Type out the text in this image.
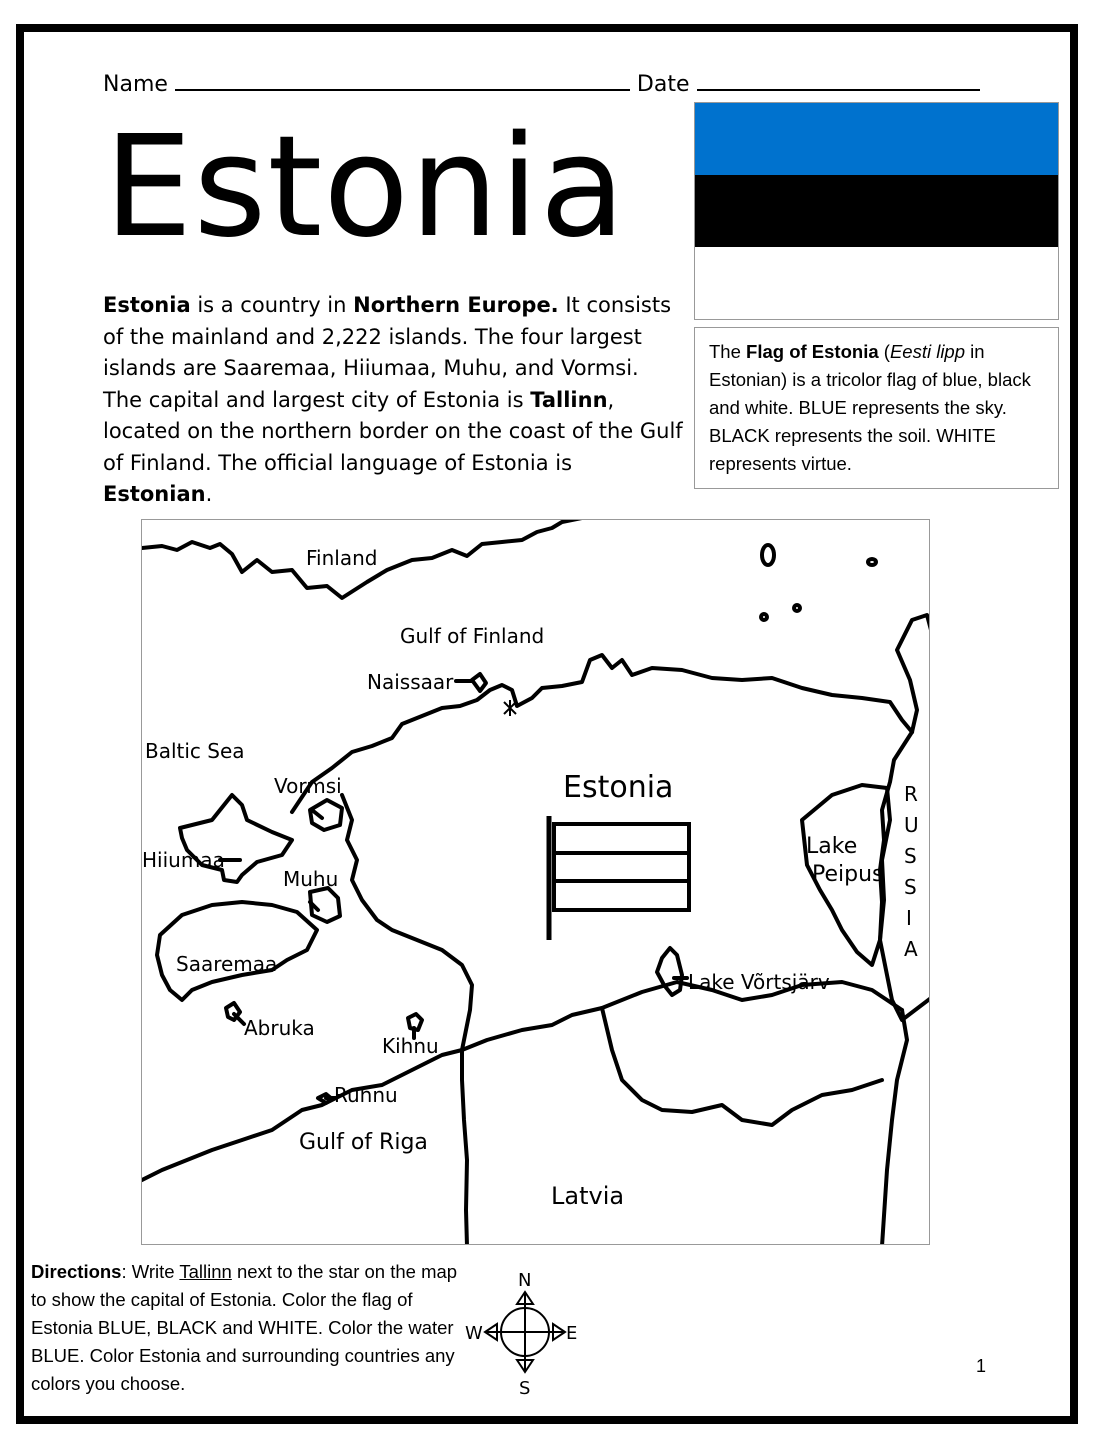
Name	Date
Estonia
Estonia is a country in Northern Europe. It consists of the mainland and 2,222 islands. The four largest islands are Saaremaa, Hiiumaa, Muhu, and Vormsi. The capital and largest city of Estonia is Tallinn, located on the northern border on the coast of the Gulf of Finland. The official language of Estonia is Estonian.
The Flag of Estonia (Eesti lipp in Estonian) is a tricolor flag of blue, black and white. BLUE represents the sky. BLACK represents the soil. WHITE represents virtue.
Finland
Gulf of Finland
Naissaar
Baltic Sea
Vormsi
Hiiumaa
Muhu
Saaremaa
Abruka
Kihnu
Ruhnu
Gulf of Riga
Latvia
Estonia
Lake
Peipus
Lake Võrtsjärv
R
U
S
S
I
A
Directions: Write Tallinn next to the star on the map to show the capital of Estonia. Color the flag of Estonia BLUE, BLACK and WHITE. Color the water BLUE. Color Estonia and surrounding countries any colors you choose.
N
S
E
W
1
